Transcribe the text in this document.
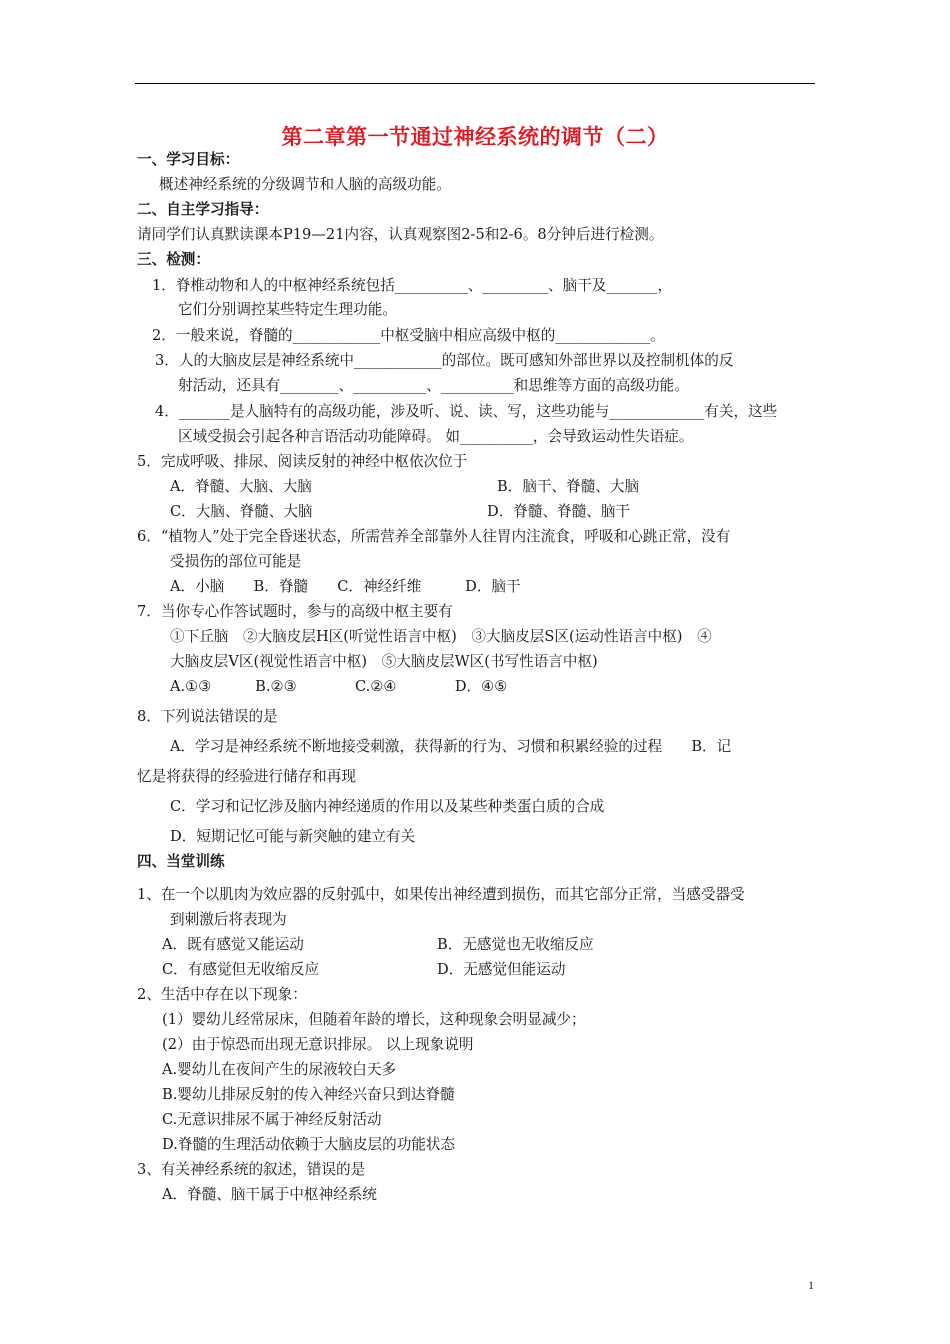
第二章第一节通过神经系统的调节（二）
一、学习目标：
概述神经系统的分级调节和人脑的高级功能。
二、自主学习指导：
请同学们认真默读课本P19—21内容，认真观察图2-5和2-6。8分钟后进行检测。
三、检测：
1．脊椎动物和人的中枢神经系统包括__________、_________、脑干及_______，
它们分别调控某些特定生理功能。
2．一般来说，脊髓的____________中枢受脑中相应高级中枢的_____________。
3．人的大脑皮层是神经系统中____________的部位。既可感知外部世界以及控制机体的反
射活动，还具有________、__________、__________和思维等方面的高级功能。
4．_______是人脑特有的高级功能，涉及听、说、读、写，这些功能与_____________有关，这些
区域受损会引起各种言语活动功能障碍。 如__________，会导致运动性失语症。
5．完成呼吸、排尿、阅读反射的神经中枢依次位于
A．脊髓、大脑、大脑	B．脑干、脊髓、大脑
C．大脑、脊髓、大脑	D．脊髓、脊髓、脑干
6．“植物人”处于完全昏迷状态，所需营养全部靠外人往胃内注流食，呼吸和心跳正常，没有
受损伤的部位可能是
A．小脑　　B．脊髓　　C．神经纤维　　　D．脑干
7．当你专心作答试题时，参与的高级中枢主要有
①下丘脑　②大脑皮层H区(听觉性语言中枢)　③大脑皮层S区(运动性语言中枢)　④
大脑皮层V区(视觉性语言中枢)　⑤大脑皮层W区(书写性语言中枢)
A.①③　　　B.②③　　　　C.②④　　　　D．④⑤
8．下列说法错误的是
A．学习是神经系统不断地接受刺激，获得新的行为、习惯和积累经验的过程　　B．记
忆是将获得的经验进行储存和再现
C．学习和记忆涉及脑内神经递质的作用以及某些种类蛋白质的合成
D．短期记忆可能与新突触的建立有关
四、当堂训练
1、在一个以肌肉为效应器的反射弧中，如果传出神经遭到损伤，而其它部分正常，当感受器受
到刺激后将表现为
A．既有感觉又能运动	B．无感觉也无收缩反应
C．有感觉但无收缩反应	D．无感觉但能运动
2、生活中存在以下现象：
(1）婴幼儿经常尿床，但随着年龄的增长，这种现象会明显减少；
(2）由于惊恐而出现无意识排尿。 以上现象说明
A.婴幼儿在夜间产生的尿液较白天多
B.婴幼儿排尿反射的传入神经兴奋只到达脊髓
C.无意识排尿不属于神经反射活动
D.脊髓的生理活动依赖于大脑皮层的功能状态
3、有关神经系统的叙述，错误的是
A．脊髓、脑干属于中枢神经系统
1
